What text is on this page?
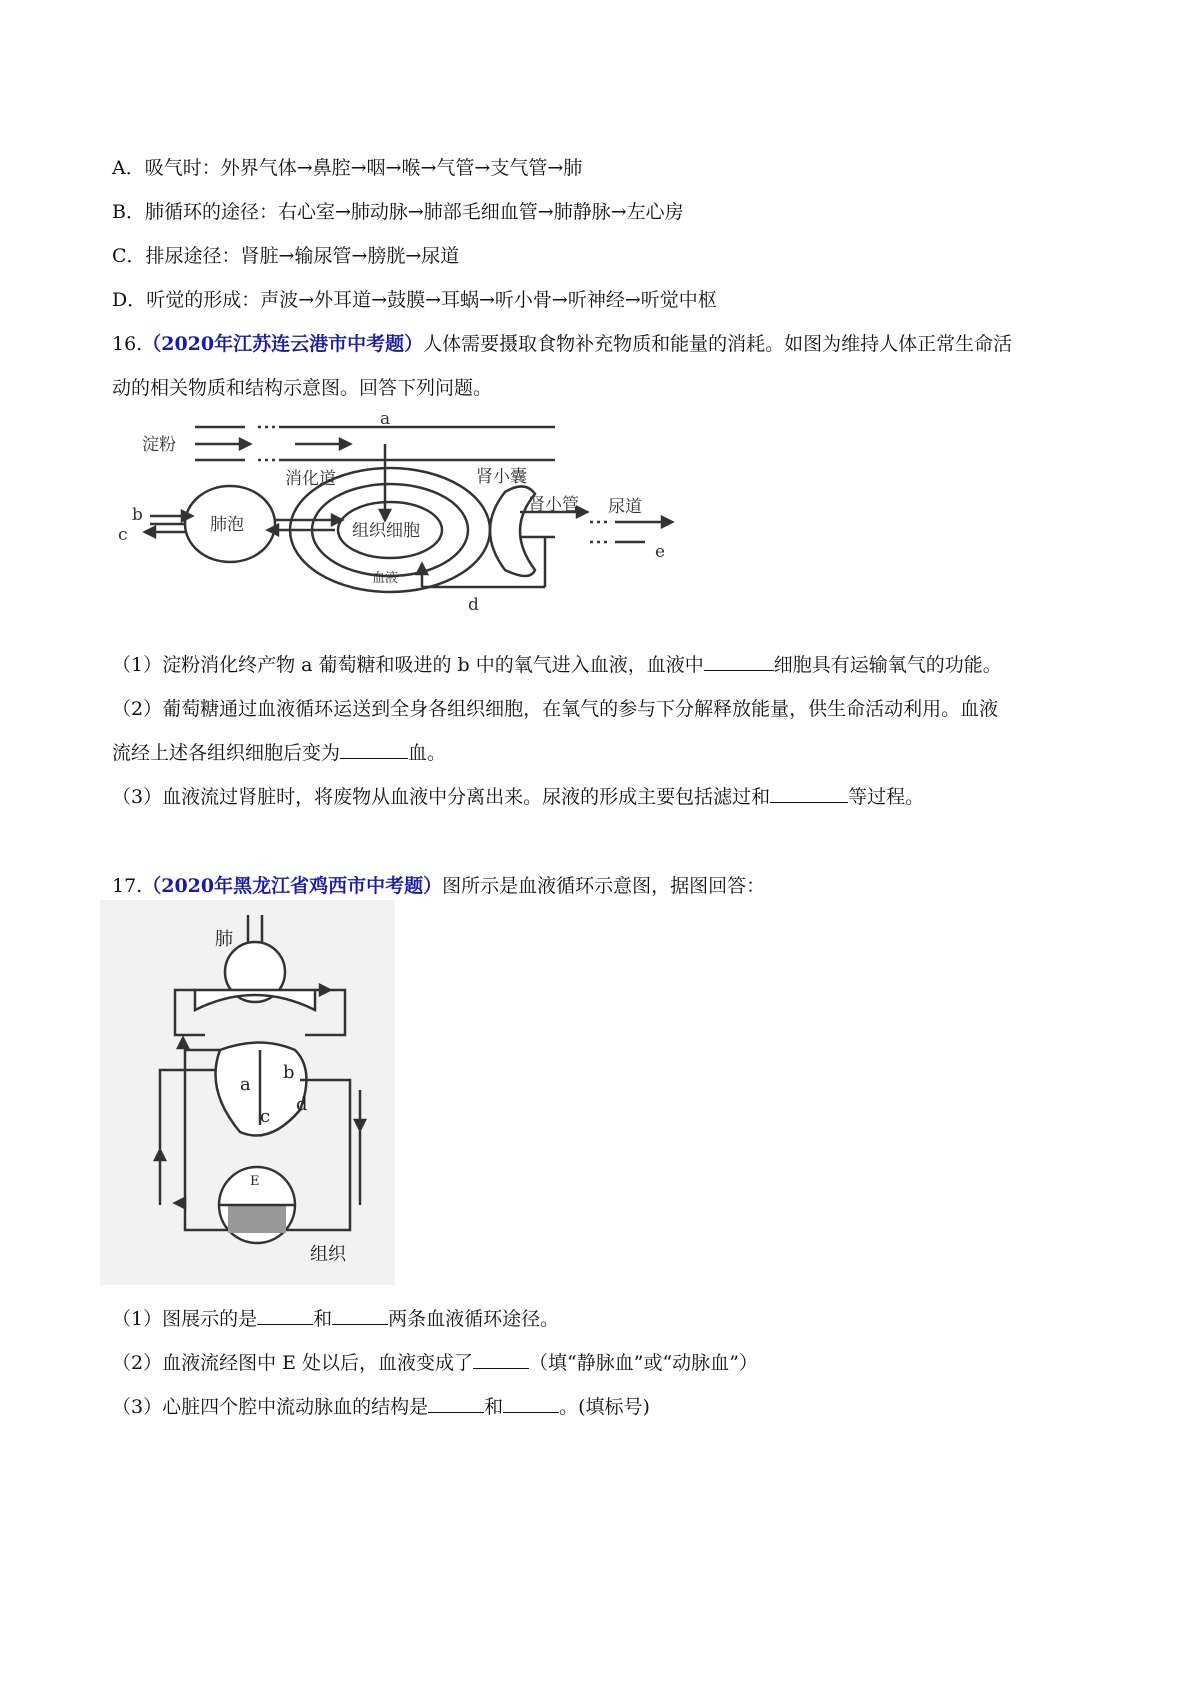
A．吸气时：外界气体→鼻腔→咽→喉→气管→支气管→肺
B．肺循环的途径：右心室→肺动脉→肺部毛细血管→肺静脉→左心房
C．排尿途径：肾脏→输尿管→膀胱→尿道
D．听觉的形成：声波→外耳道→鼓膜→耳蜗→听小骨→听神经→听觉中枢
16.（2020年江苏连云港市中考题）人体需要摄取食物补充物质和能量的消耗。如图为维持人体正常生命活
动的相关物质和结构示意图。回答下列问题。
淀粉
a
消化道	肾小囊
b
c	肺泡	组织细胞
肾小管 尿道
e
血液
d
（1）淀粉消化终产物 a 葡萄糖和吸进的 b 中的氧气进入血液，血液中	细胞具有运输氧气的功能。
（2）葡萄糖通过血液循环运送到全身各组织细胞，在氧气的参与下分解释放能量，供生命活动利用。血液
流经上述各组织细胞后变为	血。
（3）血液流过肾脏时，将废物从血液中分离出来。尿液的形成主要包括滤过和	等过程。
17.（2020年黑龙江省鸡西市中考题）图所示是血液循环示意图，据图回答：
肺
a
b
c
d
E
组织
（1）图展示的是	和	两条血液循环途径。
（2）血液流经图中 E 处以后，血液变成了	（填“静脉血”或“动脉血”）
（3）心脏四个腔中流动脉血的结构是	和	。(填标号)
